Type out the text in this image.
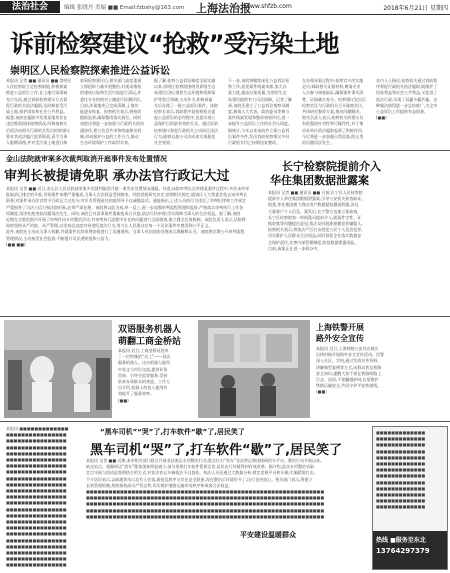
法治社会	编辑 张晓丹 美编 ■■ Email:fzbshy@163.com 上海法治报
www.shfzb.com	2018年6月21日 星期四
诉前检察建议“抢救”受污染土地
崇明区人民检察院探索推进公益诉讼
本报讯 记者 ■■ 通讯员 ■■ 崇明区
人民检察院立足检察职能,积极探索
推进公益诉讼工作,在土地污染领域
先行先试,通过诉前检察建议方式督
促行政机关依法履职,及时修复受污
染土地,保护国家和社会公共利益。
据悉,该院在履职中发现某地块存在
违法堆放固体废物情况,经调查核实
后依法向相关行政机关发出检察建议
要求其依法履行监管职责,责令当事
人限期清理,并对受污染土地进行修
收到检察建议后,相关部门高度重视
立即组织力量开展整治,对现场堆放
的建筑垃圾和生活垃圾进行清运,并
委托专业机构对土壤进行检测评估。
目前,涉案地块已完成清理,土地功
能逐步恢复。检察机关表示,将持续
跟踪监督,确保整改落实到位。同时
该院还将进一步加强与行政机关的沟
通协作,建立信息共享和线索移送机
制,形成保护公益的工作合力,推动
生态环境保护工作取得实效。
据了解,检察公益诉讼制度全面实施
以来,崇明区检察院围绕世界级生态
岛建设目标,聚焦生态环境和资源保
护等重点领域,主动作为,积极探索
先后办理了一批公益诉讼案件。该院
检察长表示,诉前程序是检察机关提
起公益诉讼的必经程序,也是实现公
益保护目的最有效的方式。通过诉前
检察建议督促行政机关主动纠正违法
行为,能够以最小司法成本实现最佳
社会效果。
下一步,该院将继续深化公益诉讼检
察工作,拓宽案件线索来源,加大办
案力度,提高办案质量,为崇明生态
岛建设提供有力司法保障。记者了解
到,该院还建立了公益诉讼观察员制
度,邀请人大代表、政协委员等参与
案件线索发现和整改效果评估,进一
步提升公益诉讼工作的社会认同度。
据统计,今年以来该院共立案公益诉
讼案件多件,发出诉前检察建议多份
行政机关均已按期回复整改。
在办理该案过程中,检察官多次实地
走访,调取相关证据材料,邀请专业
人员参与调查取证,确保案件事实清
楚、证据确实充分。检察建议发出后
检察官还与行政机关召开磋商会议,
共同研究整改方案,推动问题解决。
相关负责人表示,检察机关的建议具
有很强的针对性和可操作性,对于推
动本单位依法履职起到了积极作用,
今后将进一步加强日常巡查,防止类
似问题再次发生。
业内人士指出,检察机关通过诉前程
序督促行政机关依法履职,既维护了
国家利益和社会公共利益,又促进了
依法行政,实现了双赢多赢共赢。这
种做法值得进一步总结推广,为全市
公益诉讼工作提供有益借鉴。
(■■)
金山法院就审案多次裁判取消开庭事件发布处置情况
审判长被提请免职 承办法官行政记大过
本报讯 记者 ■■ 近日,金山区人民法院就审案多次裁判取消开庭一事发布处置情况通报。经查,该院审判长在审理某案件过程中,多次未经审
批取消已排定的开庭,导致案件审理严重拖延,当事人合法权益受到损害。经院党组研究决定,依照相关规定,提请区人大常委会免去该审判长
职务;对案件承办法官给予行政记大过处分;对负有管理责任的庭领导予以诫勉谈话。通报指出,上述人员的行为违反了审判纪律和工作规定
严重损害了司法公信力和法院形象,必须严肃处理。该院将以此为戒,举一反三,进一步加强审判流程管理和监督,严格落实审判执行工作各
项制度,坚决杜绝类似问题再次发生。同时,该院已对涉事案件重新组成合议庭,依法尽快审理,切实保障当事人的合法权益。据了解,该院
近期在全院范围内开展了审判作风专项整治活动,对审判执行流程中存在的问题进行全面排查,建立健全长效机制。该院负责人表示,法院将
始终坚持从严治院、从严管理,以零容忍态度对待违纪违法行为,努力让人民群众在每一个司法案件中感受到公平正义。
此外,该院还主动向当事人致歉,并就案件后续审理安排进行了沟通说明。当事人对法院的处理表示理解和认可。该院将定期公开审判流程
管理情况,主动接受社会监督,不断提升司法透明度和公信力。
(■■ ■■)
长宁检察院提前介入
华住集团数据泄露案
本报讯 记者 ■■ 通讯员 ■■ 日前,长宁区人民检察院
提前介入华住集团数据泄露案,引导公安机关侦查取证。
据悉,华住集团旗下酒店用户数据疑似遭到泄露,涉及
大量客户个人信息。案发后,长宁警方迅速立案侦查,
长宁区检察院第一时间派员提前介入,就案件定性、证
据收集等问题提出意见,依法及时批准逮捕犯罪嫌疑人。
检察机关表示,将依法严厉打击侵犯公民个人信息犯罪,
切实维护人民群众合法权益,同时督促企业落实数据安
全保护责任,完善内部管理制度,防范数据泄露风险。
目前,该案正在进一步侦办中。
双语服务机器人
萌翻工商金桥站
本报讯 近日,工商金桥站迎来
了一位特殊的“员工”——双语
服务机器人。这台机器人能用
中英文与市民交流,提供业务
咨询、引导分流等服务,受到
前来办事群众的欢迎。工作人
员介绍,机器人的投入使用有
效提升了服务效率。
(■■)
上海铁警开展
路外安全宣传
本报讯 近日,上海铁路公安处在辖区
沿线村镇开展路外安全宣传活动。民警
深入社区、学校,通过发放宣传资料、
讲解典型案例等方式,向群众普及铁路
安全知识,提醒大家不要在铁路线路上
行走、逗留,不要翻越护网,自觉维护
铁路运输安全,共同守护平安铁道线。
(■■)
本报讯 ■■■■■■■■■■■■■
■■■■■■■■■■■■■■■■
■■■■■■■■■■■■■■■■
■■■■■■■■■■■■■■■■
■■■■■■■■■■■■■■■■
■■■■■■■■■■■■■■■■
■■■■■■■■■■■■■■■■
■■■■■■■■■■■■■■■■
■■■■■■■■■■■■■■■■
■■■■■■■■■■■■■■■■
■■■■■■■■■■■■■■■■
■■■■■■■■■■■■■■■■
■■■■■■■■■■■■■■■■
■■■■■■■■■■■■■■■■
■■■■■■■■■■■■■■■■
■■■■■■■■■■■■■■■■
■■■■■■■■■■■■■■■■
■■■■■■■■■■■■■■■■
■■■■■■■■■■■■■■■■
■■■■■■■■■■■■■■■■
■■■■■■■■■■■■■■■■
■■■■■■■■■■■■■■■■
■■■■■■■■■■■■■■■■
“黑车司机”“哭”了,打车软件“歇”了,居民笑了
黑车司机“哭”了,打车软件“歇”了,居民笑了
本报讯 记者 ■■ 近期,本市相关部门联合开展非法客运专项整治行动,重点打击“黑车”非法营运和违规网约车平台。整治行动开展以来,
轨交站点、商圈周边“黑车”揽客现象明显减少,部分违规打车软件暂停运营,居民出行环境得到有效改善。据介绍,此次专项整治采取
定点守候与流动巡查相结合的方式,对非法营运车辆依法予以查处。执法人员还通过大数据分析,锁定违规平台和车辆,实施精准打击。
不少居民表示,以前地铁站口总有人拉客,既扰乱秩序又存在安全隐患,现在整治后环境好多了,出行也更放心。相关部门表示,将建立
长效管理机制,持续保持高压严管态势,切实维护道路运输市场秩序和乘客合法权益。
■■■■■■■■■■■■■■■■■■■■■■■■■■■■■■■■■■■■■■■■■■■■■■■■■■■■■■■■■■■■■■■
■■■■■■■■■■■■■■■■■■■■■■■■■■■■■■■■■■■■■■■■■■■■■■■■■■■■■■■■■■■■■■■
■■■■■■■■■■■■■■■■■■■■■■■■■■■■■■■■■■■■■■■■■■■■■■■■■■■■■■■■■■■■■■■
■■■■■■■■■■■■■■■■■■■■■■■■■■■■■■■■■■■■■■■■■■■■■■■■■■■■■■■■■■■■■■■
■■■■■■■■■■■■■■■■■■■■■■■■■■■■■■■■■■■■■■■■■■■■■■■■■■■■■■■■■■■■■■■
平安建设温暖群众
■■■■■■■■■■■■■
■■■■■■■■■■■■■
■■■■■■■■■■■■■
■■■■■■■■■■■■■
■■■■■■■■■■■■■
■■■■■■■■■■■■■
■■■■■■■■■■■■■
■■■■■■■■■■■■■
■■■■■■■■■■■■■
■■■■■■■■■■■■■
■■■■■■■■■■■■■
■■■■■■■■■■■■■
■■■■■■■■■■■■■
热线 ■服务至东北
13764297379
